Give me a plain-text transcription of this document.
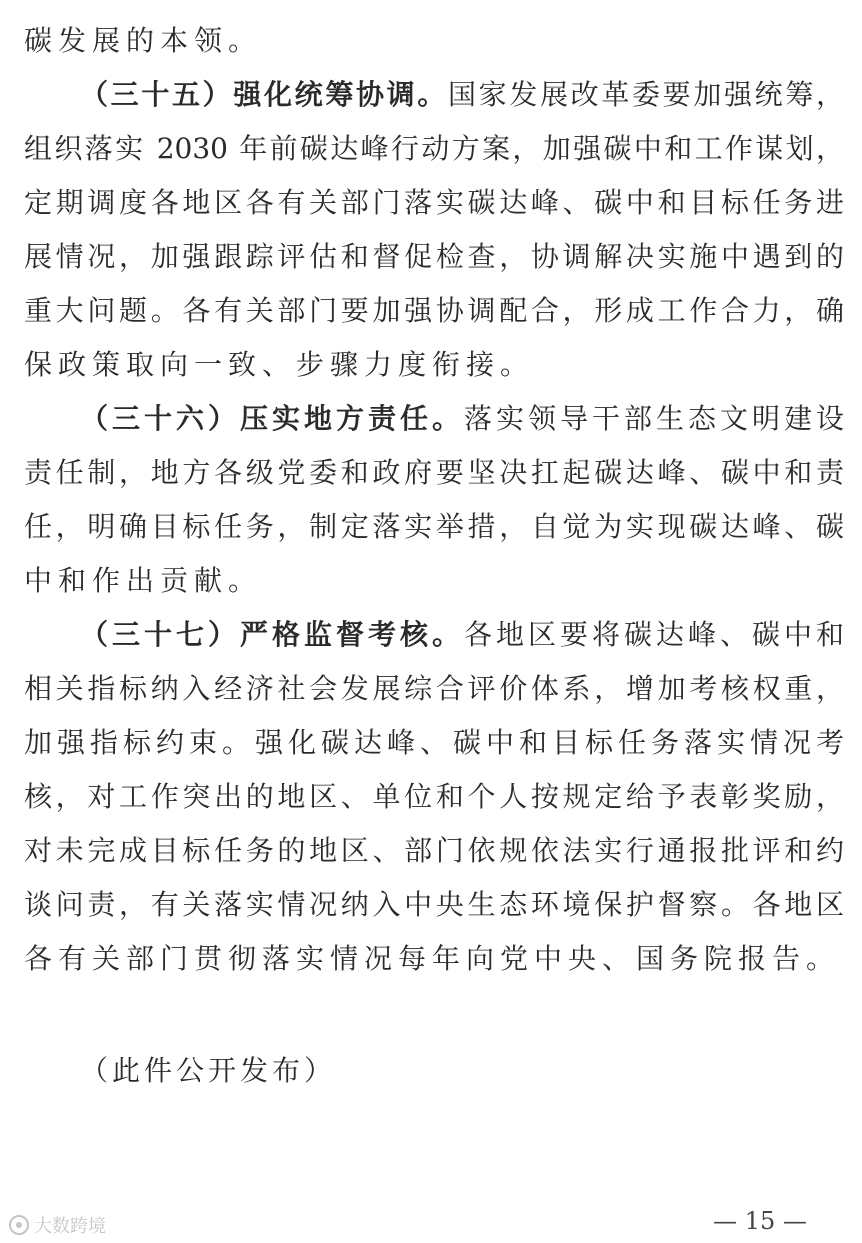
碳发展的本领。
（三十五）强化统筹协调。国家发展改革委要加强统筹，
组织落实 2030 年前碳达峰行动方案，加强碳中和工作谋划，
定期调度各地区各有关部门落实碳达峰、碳中和目标任务进
展情况，加强跟踪评估和督促检查，协调解决实施中遇到的
重大问题。各有关部门要加强协调配合，形成工作合力，确
保政策取向一致、步骤力度衔接。
（三十六）压实地方责任。落实领导干部生态文明建设
责任制，地方各级党委和政府要坚决扛起碳达峰、碳中和责
任，明确目标任务，制定落实举措，自觉为实现碳达峰、碳
中和作出贡献。
（三十七）严格监督考核。各地区要将碳达峰、碳中和
相关指标纳入经济社会发展综合评价体系，增加考核权重，
加强指标约束。强化碳达峰、碳中和目标任务落实情况考
核，对工作突出的地区、单位和个人按规定给予表彰奖励，
对未完成目标任务的地区、部门依规依法实行通报批评和约
谈问责，有关落实情况纳入中央生态环境保护督察。各地区
各有关部门贯彻落实情况每年向党中央、国务院报告。
（此件公开发布）
— 15 —
大数跨境
